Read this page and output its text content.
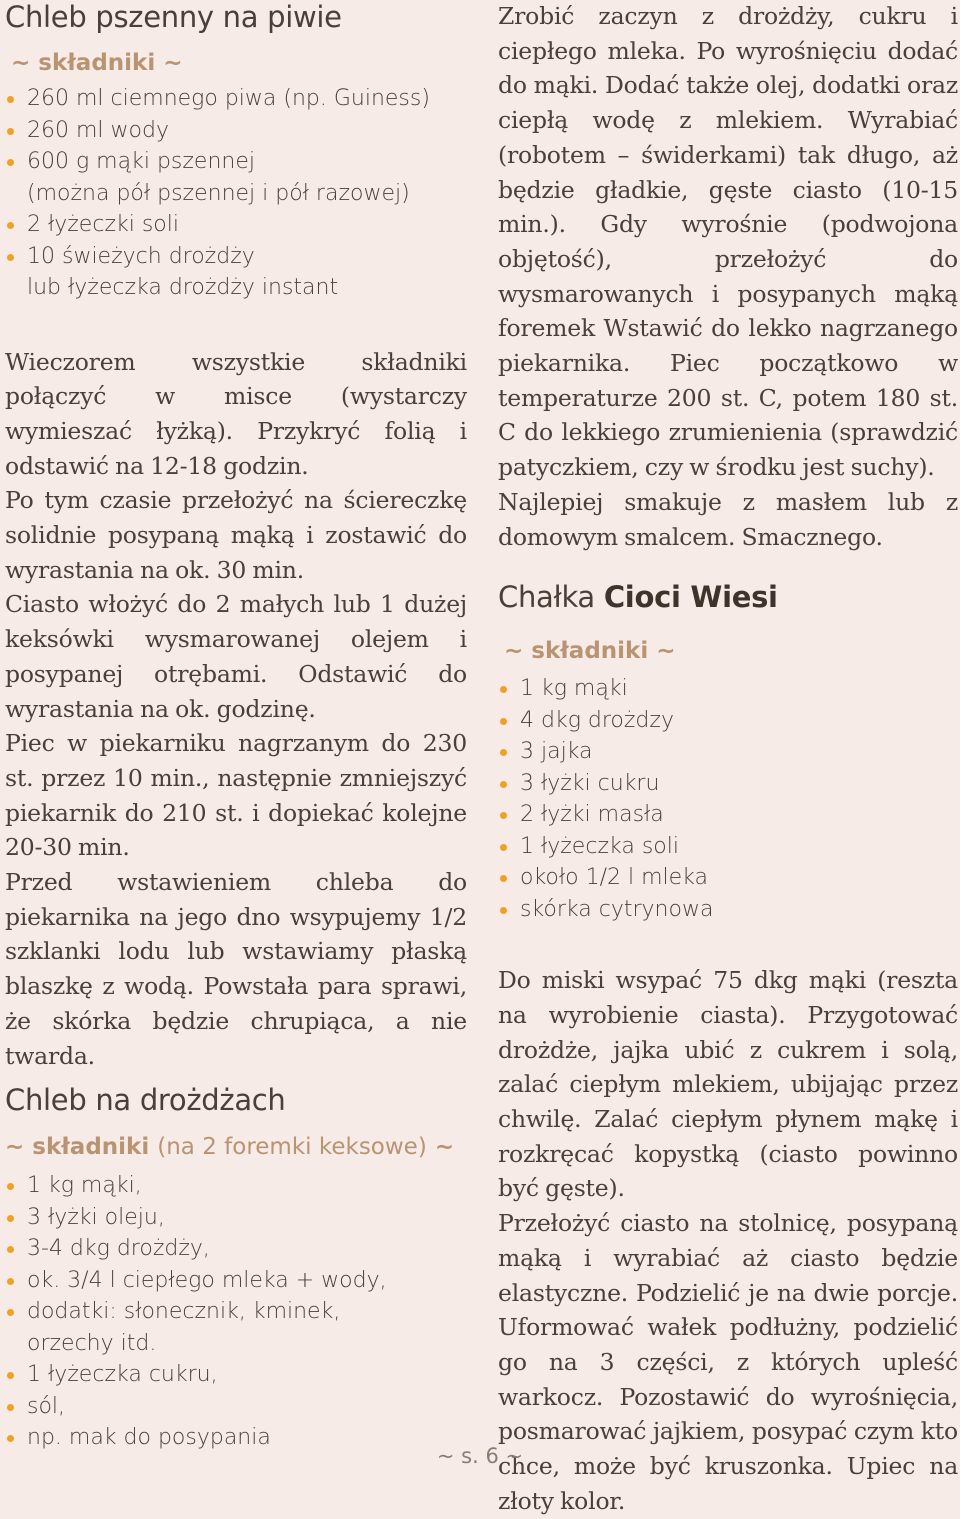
Chleb pszenny na piwie
~ składniki ~
260 ml ciemnego piwa (np. Guiness)
260 ml wody
600 g mąki pszennej
(można pół pszennej i pół razowej)
2 łyżeczki soli
10 świeżych drożdży
lub łyżeczka drożdży instant

Wieczorem wszystkie składniki połączyć w misce (wystarczy wymieszać łyżką). Przykryć folią i odstawić na 12-18 godzin.

Po tym czasie przełożyć na ściereczkę solidnie posypaną mąką i zostawić do wyrastania na ok. 30 min.

Ciasto włożyć do 2 małych lub 1 dużej keksówki wysmarowanej olejem i posypanej otrębami. Odstawić do wyrastania na ok. godzinę.

Piec w piekarniku nagrzanym do 230 st. przez 10 min., następnie zmniejszyć piekarnik do 210 st. i dopiekać kolejne 20-30 min.

Przed wstawieniem chleba do piekarnika na jego dno wsypujemy 1/2 szklanki lodu lub wstawiamy płaską blaszkę z wodą. Powstała para sprawi, że skórka będzie chrupiąca, a nie twarda.

Chleb na drożdżach
~ składniki (na 2 foremki keksowe) ~
1 kg mąki,
3 łyżki oleju,
3-4 dkg drożdży,
ok. 3/4 l ciepłego mleka + wody,
dodatki: słonecznik, kminek,
orzechy itd.
1 łyżeczka cukru,
sól,
np. mak do posypania

Zrobić zaczyn z drożdży, cukru i ciepłego mleka. Po wyrośnięciu dodać do mąki. Dodać także olej, dodatki oraz ciepłą wodę z mlekiem. Wyrabiać (robotem – świderkami) tak długo, aż będzie gładkie, gęste ciasto (10-15 min.). Gdy wyrośnie (podwojona objętość), przełożyć do wysmarowanych i posypanych mąką foremek Wstawić do lekko nagrzanego piekarnika. Piec początkowo w temperaturze 200 st. C, potem 180 st. C do lekkiego zrumienienia (sprawdzić patyczkiem, czy w środku jest suchy).

Najlepiej smakuje z masłem lub z domowym smalcem. Smacznego.

Chałka Cioci Wiesi
~ składniki ~
1 kg mąki
4 dkg drożdzy
3 jajka
3 łyżki cukru
2 łyżki masła
1 łyżeczka soli
około 1/2 l mleka
skórka cytrynowa

Do miski wsypać 75 dkg mąki (reszta na wyrobienie ciasta). Przygotować drożdże, jajka ubić z cukrem i solą, zalać ciepłym mlekiem, ubijając przez chwilę. Zalać ciepłym płynem mąkę i rozkręcać kopystką (ciasto powinno być gęste).

Przełożyć ciasto na stolnicę, posypaną mąką i wyrabiać aż ciasto będzie elastyczne. Podzielić je na dwie porcje. Uformować wałek podłużny, podzielić go na 3 części, z których upleść warkocz. Pozostawić do wyrośnięcia, posmarować jajkiem, posypać czym kto chce, może być kruszonka. Upiec na złoty kolor.

~ s. 6 ~
